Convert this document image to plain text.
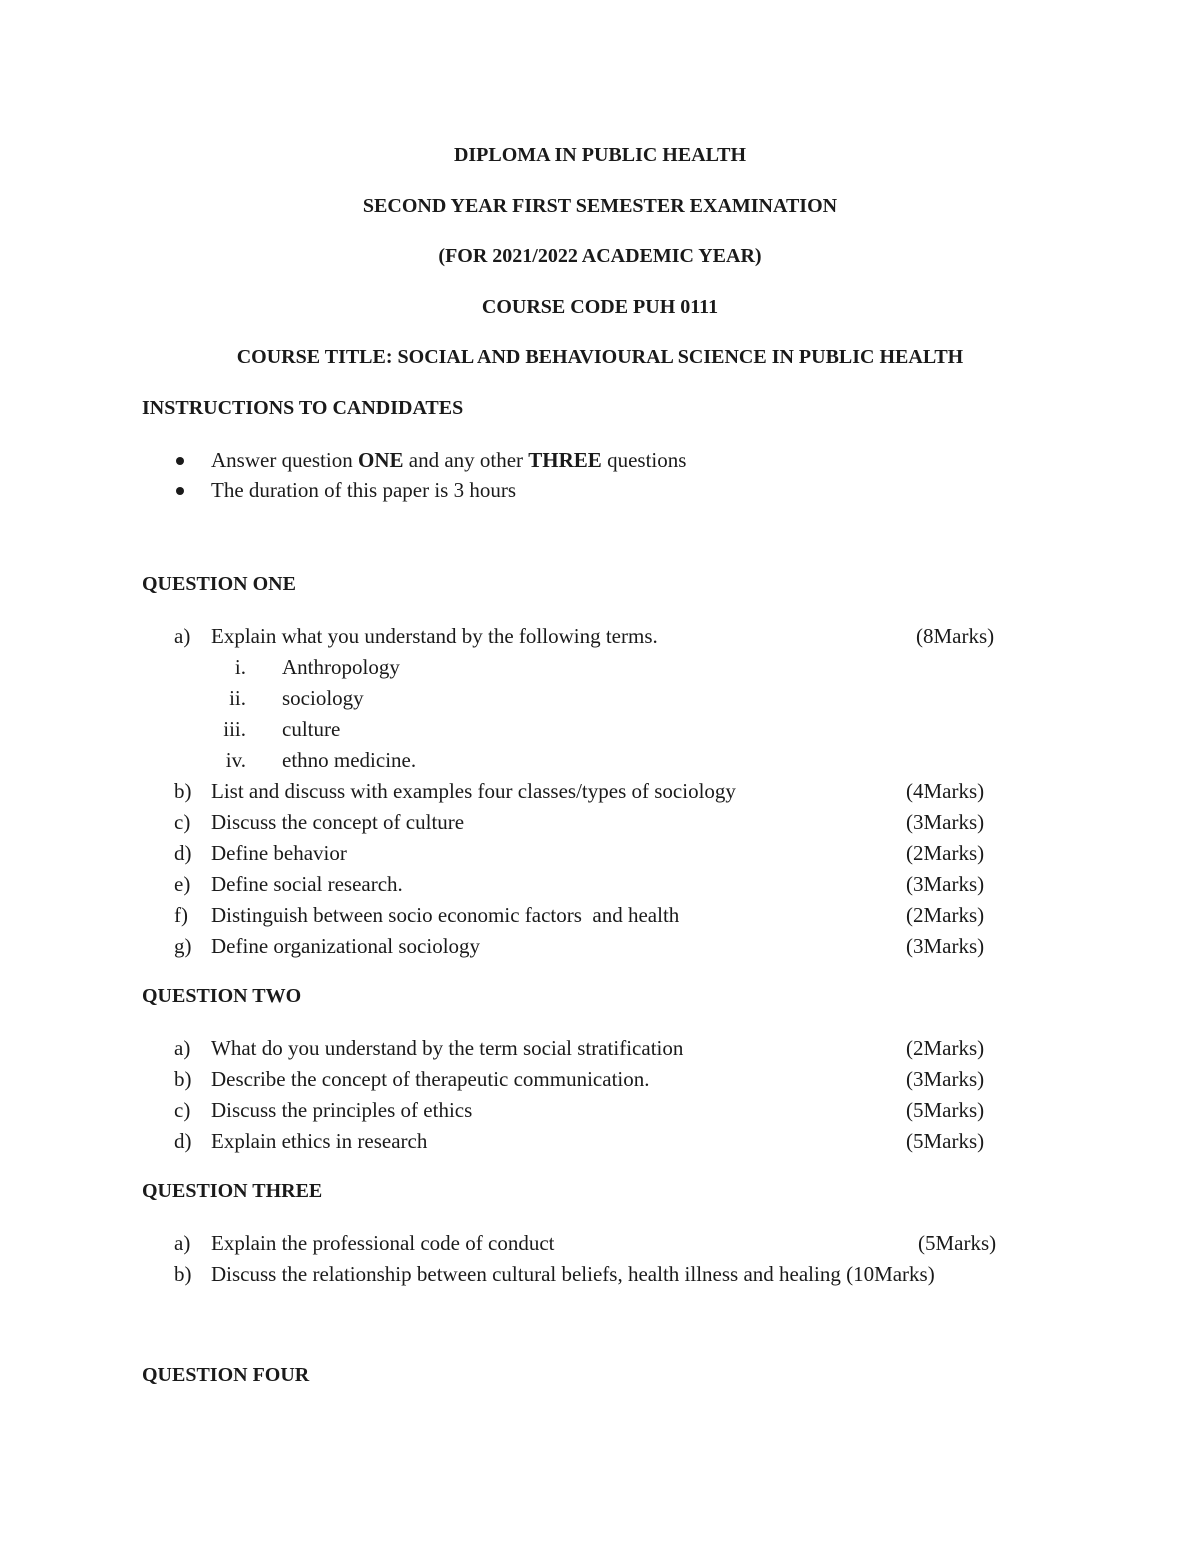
DIPLOMA IN PUBLIC HEALTH
SECOND YEAR FIRST SEMESTER EXAMINATION
(FOR 2021/2022 ACADEMIC YEAR)
COURSE CODE PUH 0111
COURSE TITLE: SOCIAL AND BEHAVIOURAL SCIENCE IN PUBLIC HEALTH
INSTRUCTIONS TO CANDIDATES
Answer question ONE and any other THREE questions
The duration of this paper is 3 hours
QUESTION ONE
a) Explain what you understand by the following terms.	(8Marks)
i. Anthropology
ii. sociology
iii. culture
iv. ethno medicine.
b) List and discuss with examples four classes/types of sociology	(4Marks)
c) Discuss the concept of culture	(3Marks)
d) Define behavior	(2Marks)
e) Define social research.	(3Marks)
f) Distinguish between socio economic factors  and health	(2Marks)
g) Define organizational sociology	(3Marks)
QUESTION TWO
a) What do you understand by the term social stratification	(2Marks)
b) Describe the concept of therapeutic communication.	(3Marks)
c) Discuss the principles of ethics	(5Marks)
d) Explain ethics in research	(5Marks)
QUESTION THREE
a) Explain the professional code of conduct	(5Marks)
b) Discuss the relationship between cultural beliefs, health illness and healing (10Marks)
QUESTION FOUR
